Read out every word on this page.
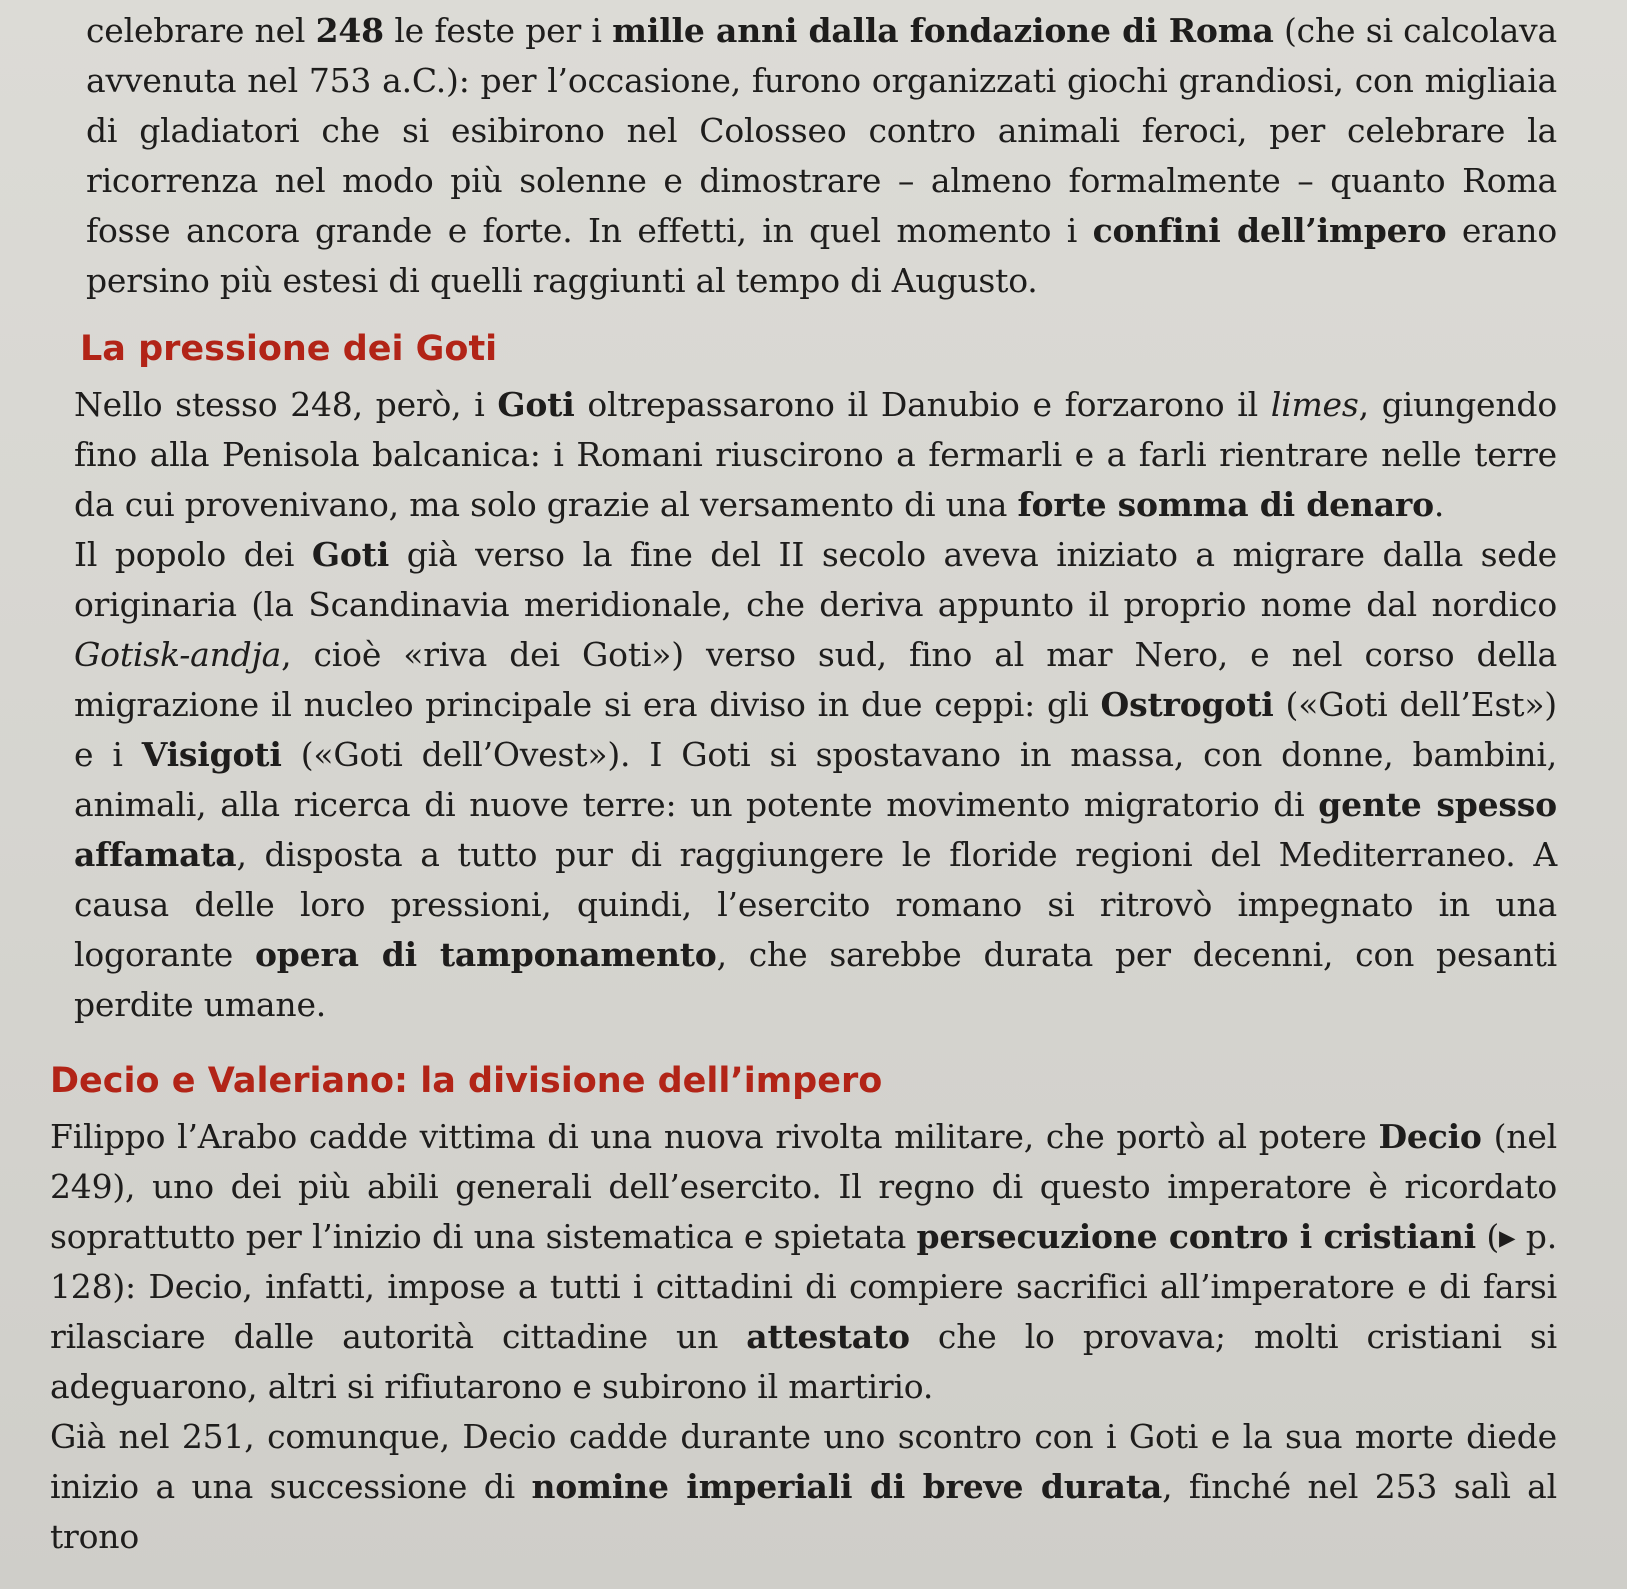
celebrare nel 248 le feste per i mille anni dalla fondazione di Roma (che si calcolava avvenuta nel 753 a.C.): per l’occasione, furono organizzati giochi grandiosi, con migliaia di gladiatori che si esibirono nel Colosseo contro animali feroci, per celebrare la ricorrenza nel modo più solenne e dimostrare – almeno formalmente – quanto Roma fosse ancora grande e forte. In effetti, in quel momento i confini dell’impero erano persino più estesi di quelli raggiunti al tempo di Augusto.

La pressione dei Goti

Nello stesso 248, però, i Goti oltrepassarono il Danubio e forzarono il limes, giungendo fino alla Penisola balcanica: i Romani riuscirono a fermarli e a farli rientrare nelle terre da cui provenivano, ma solo grazie al versamento di una forte somma di denaro.

Il popolo dei Goti già verso la fine del II secolo aveva iniziato a migrare dalla sede originaria (la Scandinavia meridionale, che deriva appunto il proprio nome dal nordico Gotisk-andja, cioè «riva dei Goti») verso sud, fino al mar Nero, e nel corso della migrazione il nucleo principale si era diviso in due ceppi: gli Ostrogoti («Goti dell’Est») e i Visigoti («Goti dell’Ovest»). I Goti si spostavano in massa, con donne, bambini, animali, alla ricerca di nuove terre: un potente movimento migratorio di gente spesso affamata, disposta a tutto pur di raggiungere le floride regioni del Mediterraneo. A causa delle loro pressioni, quindi, l’esercito romano si ritrovò impegnato in una logorante opera di tamponamento, che sarebbe durata per decenni, con pesanti perdite umane.

Decio e Valeriano: la divisione dell’impero

Filippo l’Arabo cadde vittima di una nuova rivolta militare, che portò al potere Decio (nel 249), uno dei più abili generali dell’esercito. Il regno di questo imperatore è ricordato soprattutto per l’inizio di una sistematica e spietata persecuzione contro i cristiani (▸ p. 128): Decio, infatti, impose a tutti i cittadini di compiere sacrifici all’imperatore e di farsi rilasciare dalle autorità cittadine un attestato che lo provava; molti cristiani si adeguarono, altri si rifiutarono e subirono il martirio.

Già nel 251, comunque, Decio cadde durante uno scontro con i Goti e la sua morte diede inizio a una successione di nomine imperiali di breve durata, finché nel 253 salì al trono
